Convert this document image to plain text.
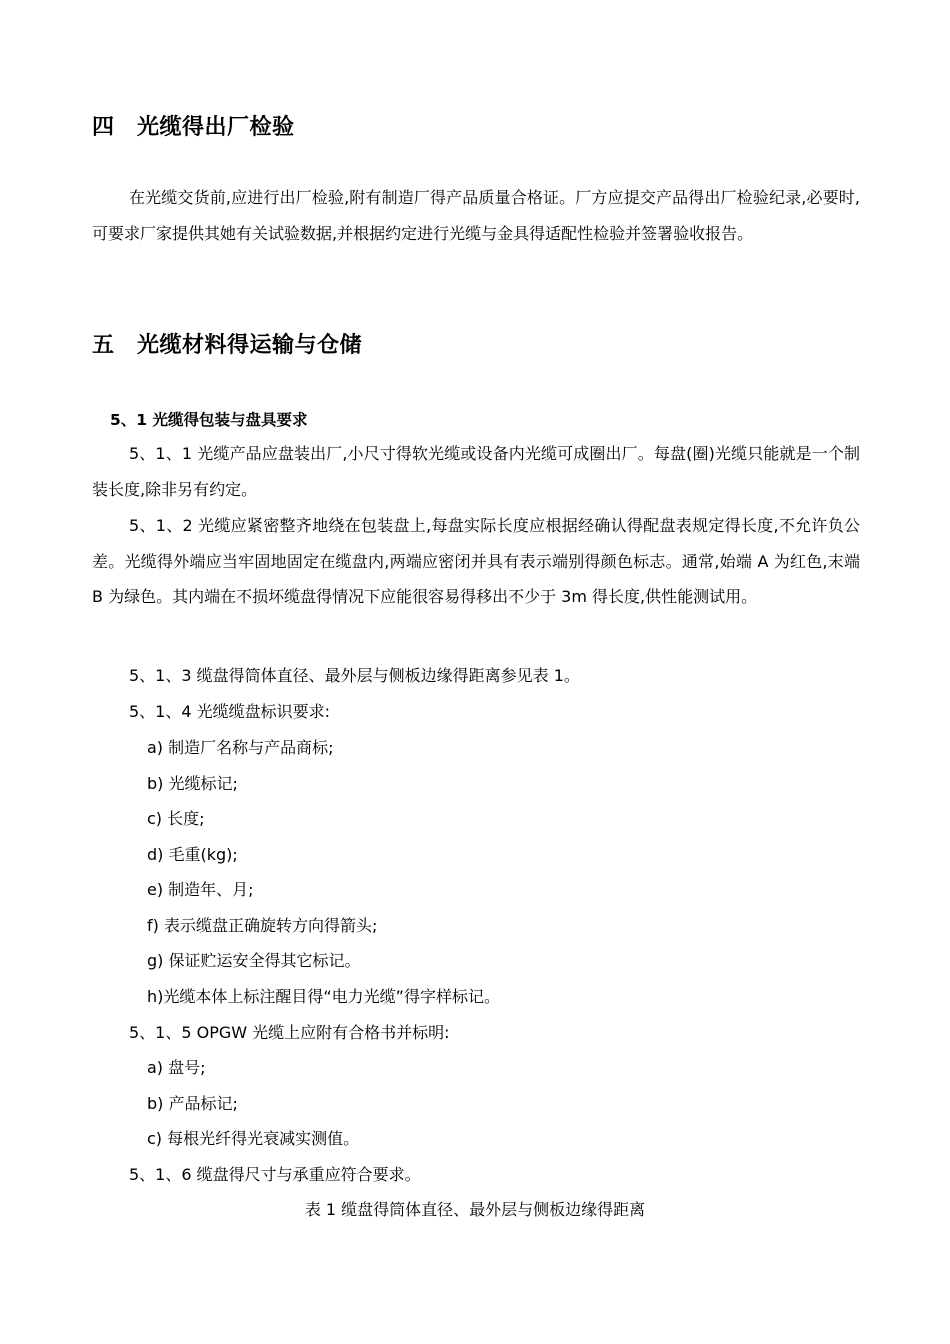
四　光缆得出厂检验

在光缆交货前,应进行出厂检验,附有制造厂得产品质量合格证。厂方应提交产品得出厂检验纪录,必要时,可要求厂家提供其她有关试验数据,并根据约定进行光缆与金具得适配性检验并签署验收报告。

五　光缆材料得运输与仓储
5、1 光缆得包装与盘具要求

5、1、1 光缆产品应盘装出厂,小尺寸得软光缆或设备内光缆可成圈出厂。每盘(圈)光缆只能就是一个制装长度,除非另有约定。

5、1、2 光缆应紧密整齐地绕在包装盘上,每盘实际长度应根据经确认得配盘表规定得长度,不允许负公差。光缆得外端应当牢固地固定在缆盘内,两端应密闭并具有表示端别得颜色标志。通常,始端 A 为红色,末端 B 为绿色。其内端在不损坏缆盘得情况下应能很容易得移出不少于 3m 得长度,供性能测试用。

5、1、3 缆盘得筒体直径、最外层与侧板边缘得距离参见表 1。
5、1、4 光缆缆盘标识要求:
a) 制造厂名称与产品商标;
b) 光缆标记;
c) 长度;
d) 毛重(kg);
e) 制造年、月;
f) 表示缆盘正确旋转方向得箭头;
g) 保证贮运安全得其它标记。
h)光缆本体上标注醒目得“电力光缆”得字样标记。
5、1、5 OPGW 光缆上应附有合格书并标明:
a) 盘号;
b) 产品标记;
c) 每根光纤得光衰减实测值。
5、1、6 缆盘得尺寸与承重应符合要求。
表 1 缆盘得筒体直径、最外层与侧板边缘得距离
